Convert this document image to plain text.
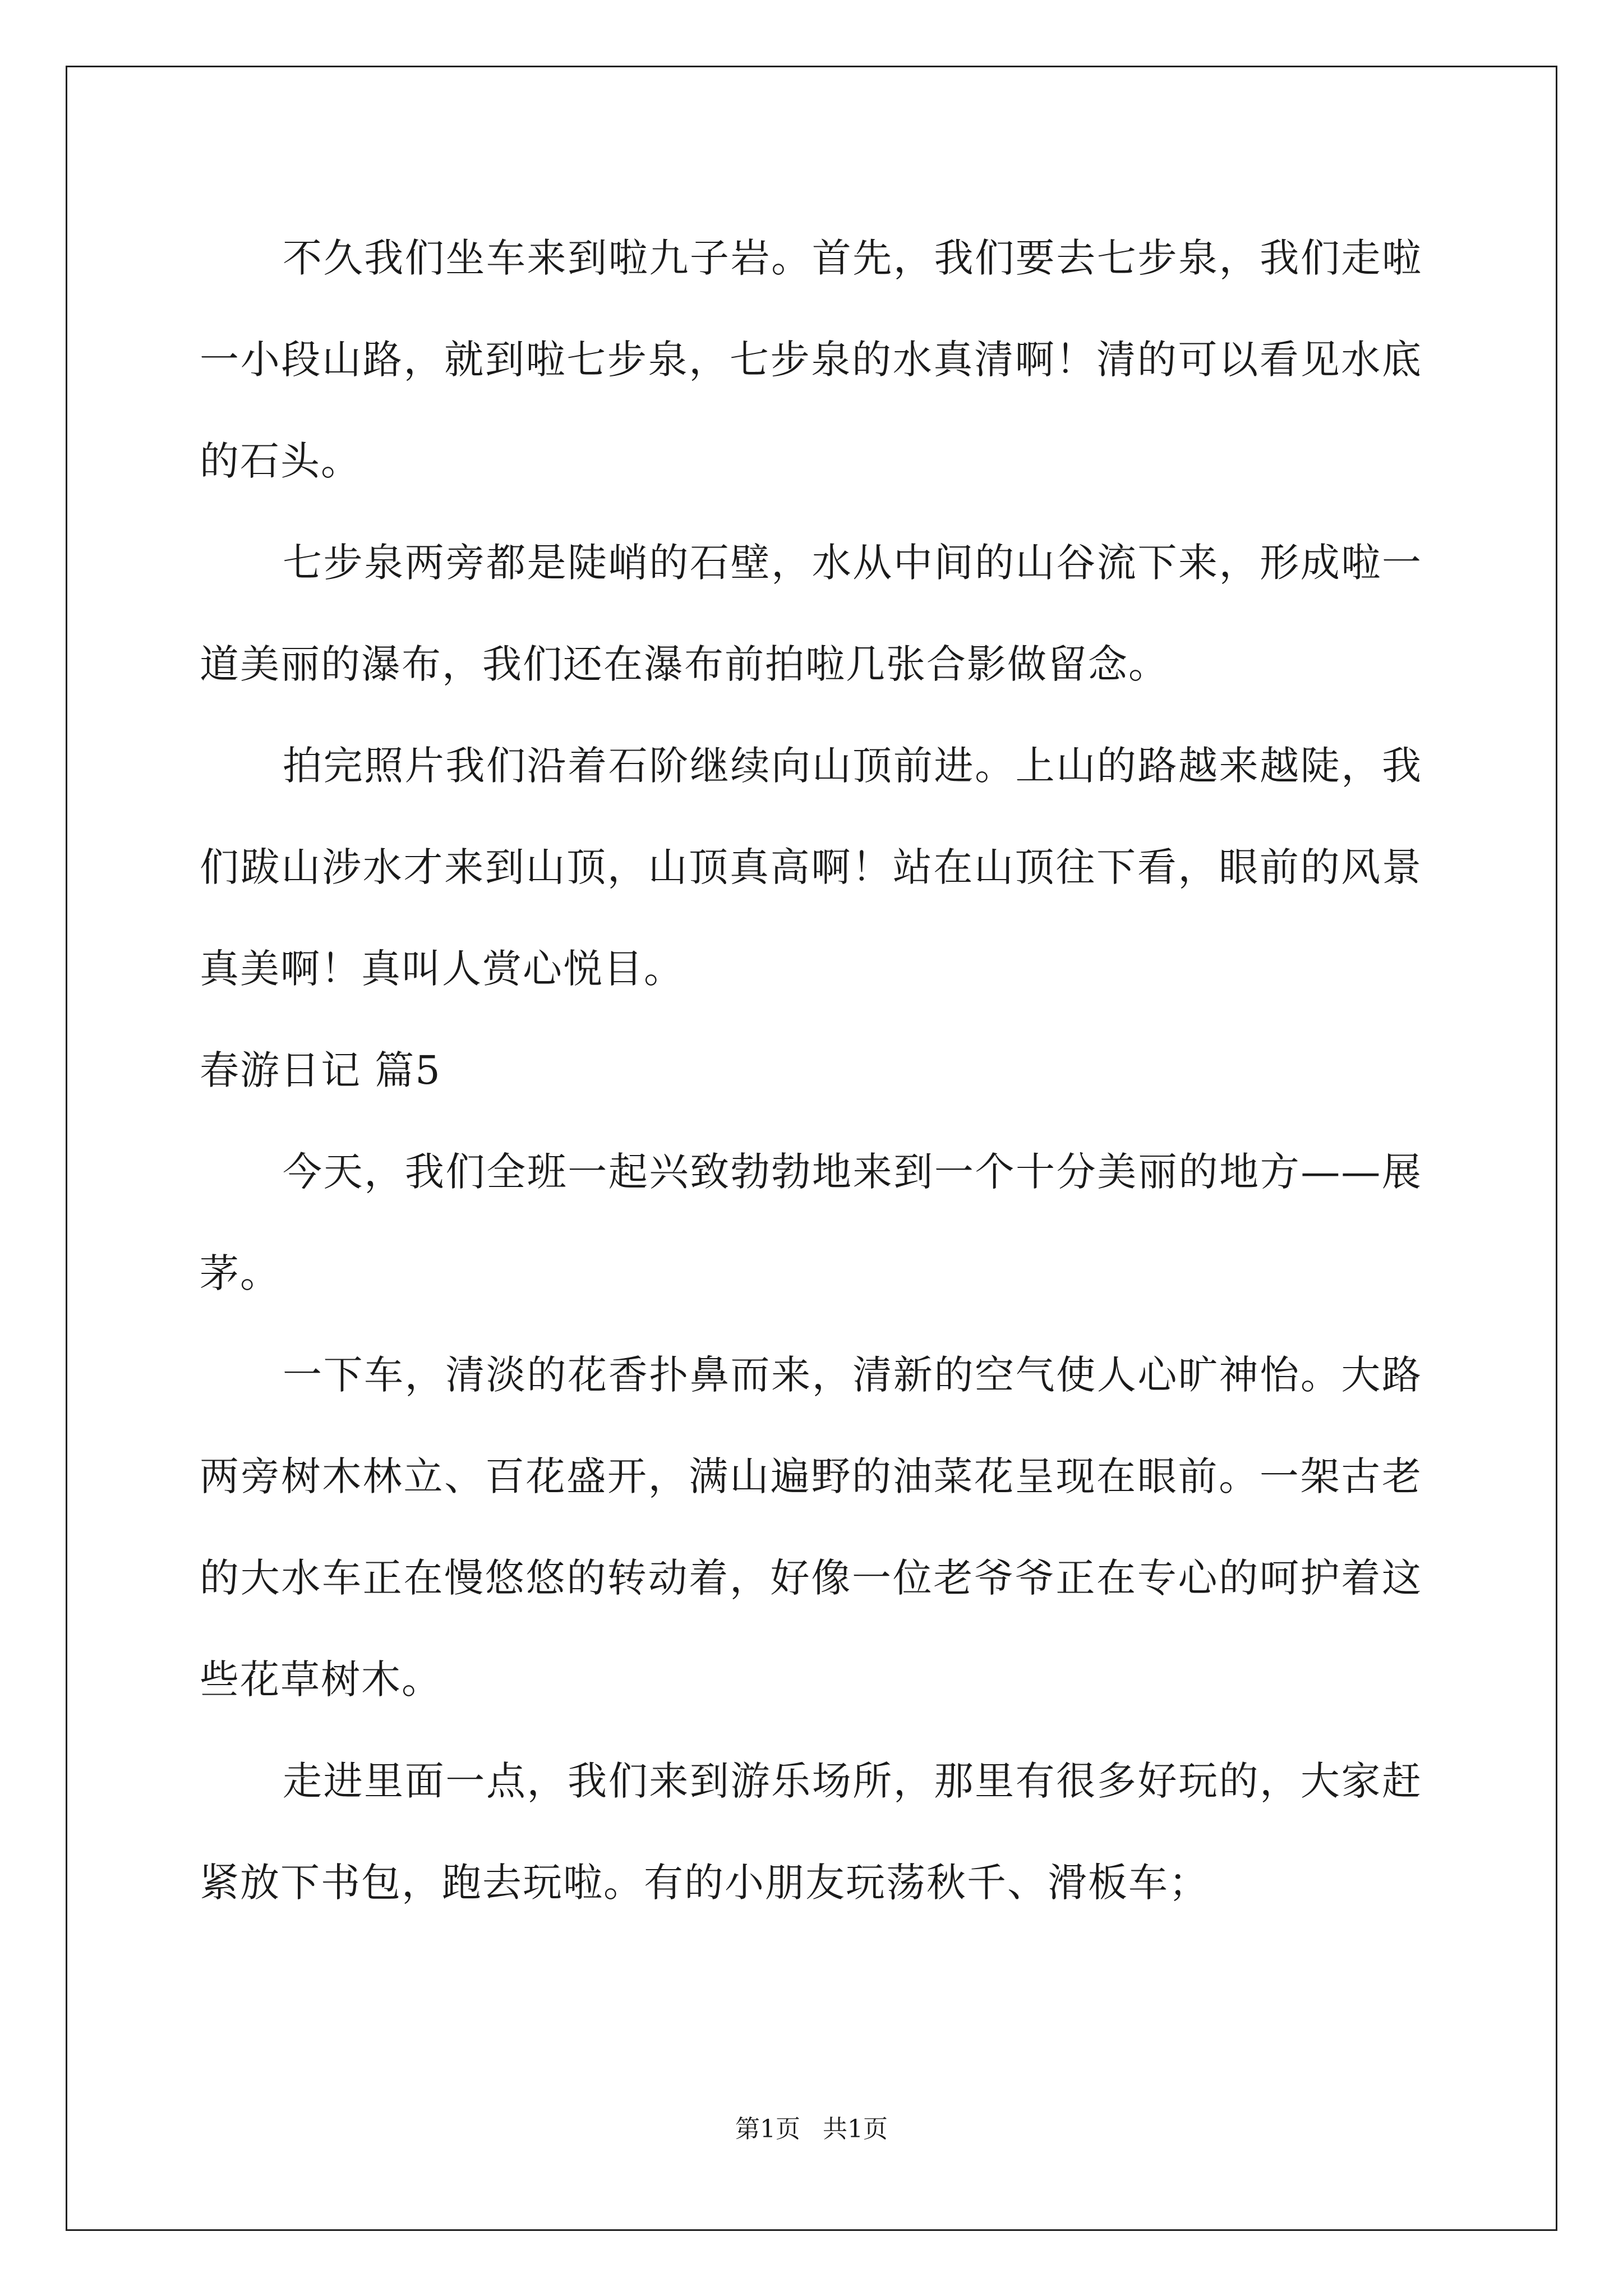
不久我们坐车来到啦九子岩。首先，我们要去七步泉，我们走啦一小段山路，就到啦七步泉，七步泉的水真清啊！清的可以看见水底的石头。

七步泉两旁都是陡峭的石壁，水从中间的山谷流下来，形成啦一道美丽的瀑布，我们还在瀑布前拍啦几张合影做留念。

拍完照片我们沿着石阶继续向山顶前进。上山的路越来越陡，我们跋山涉水才来到山顶，山顶真高啊！站在山顶往下看，眼前的风景真美啊！真叫人赏心悦目。

春游日记 篇5

今天，我们全班一起兴致勃勃地来到一个十分美丽的地方——展茅。

一下车，清淡的花香扑鼻而来，清新的空气使人心旷神怡。大路两旁树木林立、百花盛开，满山遍野的油菜花呈现在眼前。一架古老的大水车正在慢悠悠的转动着，好像一位老爷爷正在专心的呵护着这些花草树木。

走进里面一点，我们来到游乐场所，那里有很多好玩的，大家赶紧放下书包，跑去玩啦。有的小朋友玩荡秋千、滑板车；

第1页 共1页
